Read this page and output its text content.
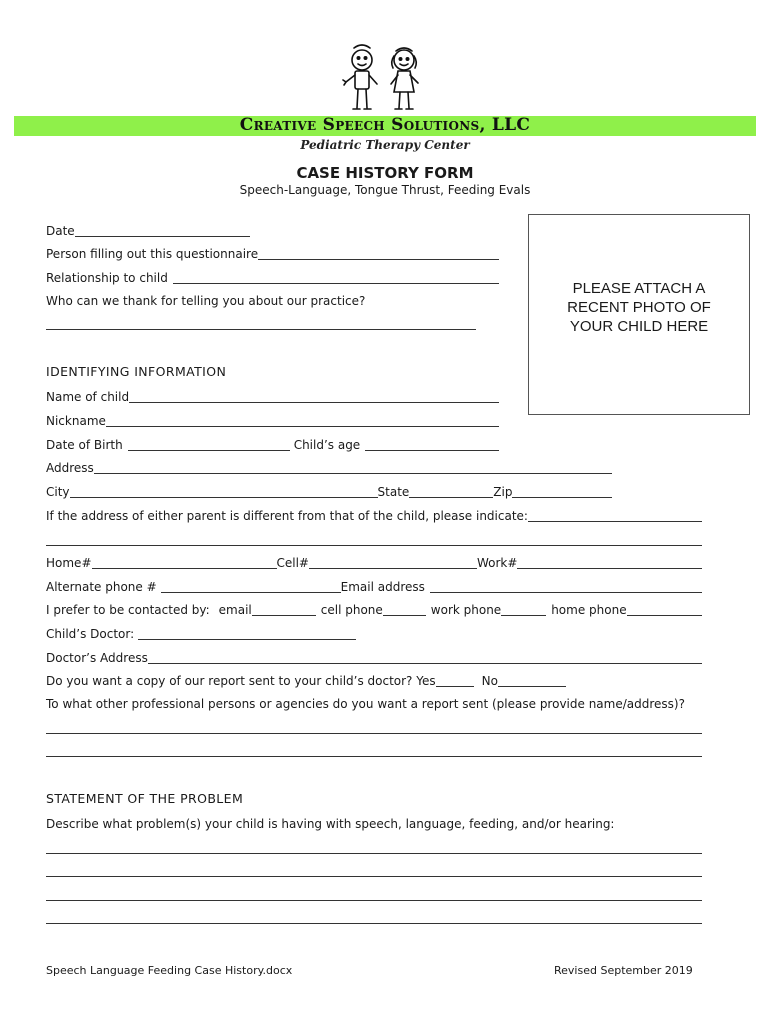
Creative Speech Solutions, LLC
Pediatric Therapy Center
CASE HISTORY FORM
Speech-Language, Tongue Thrust, Feeding Evals
PLEASE ATTACH A RECENT PHOTO OF YOUR CHILD HERE
Date
Person filling out this questionnaire
Relationship to child
Who can we thank for telling you about our practice?
IDENTIFYING INFORMATION
Name of child
Nickname
Date of Birth	Child’s age
Address
City	State	Zip
If the address of either parent is different from that of the child, please indicate:
Home#	Cell#	Work#
Alternate phone #	Email address
I prefer to be contacted by: email	cell phone	work phone	home phone
Child’s Doctor:
Doctor’s Address
Do you want a copy of our report sent to your child’s doctor? Yes	No
To what other professional persons or agencies do you want a report sent (please provide name/address)?
STATEMENT OF THE PROBLEM
Describe what problem(s) your child is having with speech, language, feeding, and/or hearing:
Speech Language Feeding Case History.docx	Revised September 2019
